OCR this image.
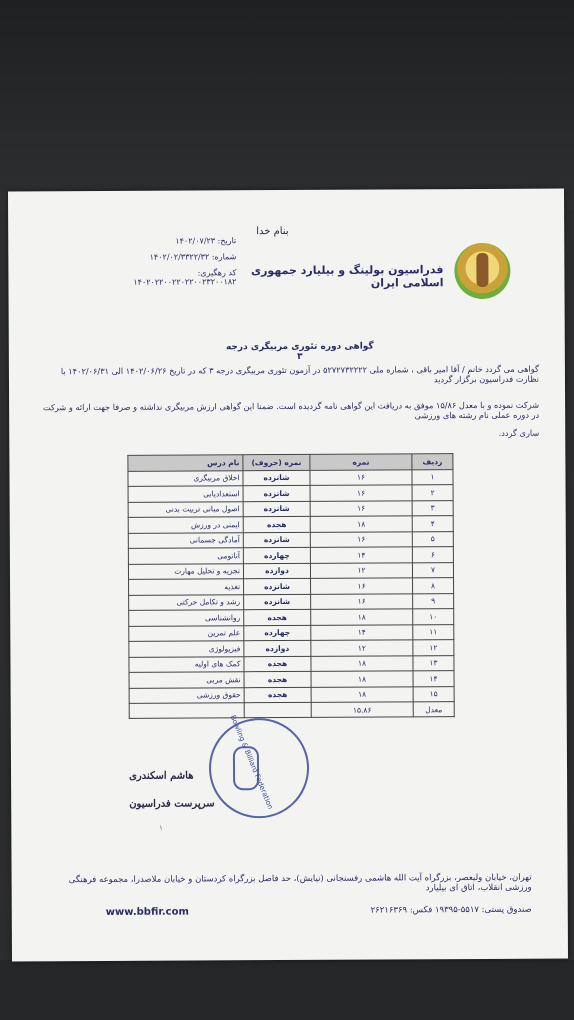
بنام خدا
فدراسیون بولینگ و بیلیارد جمهوری اسلامی ایران
تاریخ: ۱۴۰۲/۰۷/۲۳
شماره: ۱۴۰۲/۰۲/۳۳۲۲/۳۲
کد رهگیری: ۱۴۰۲۰۲۲۰۰۲۲۰۲۲۰۰۲۳۲۰۰۱۸۲
گواهی دوره تئوری مربیگری درجه ۳
گواهی می گردد خانم / آقا امیر باقی ، شماره ملی ۵۲۷۲۷۳۲۲۲۲ در آزمون تئوری مربیگری درجه ۳ که در تاریخ ۱۴۰۲/۰۶/۲۶ الی ۱۴۰۲/۰۶/۳۱ با نظارت فدراسیون برگزار گردید
شرکت نموده و با معدل ۱۵/۸۶ موفق به دریافت این گواهی نامه گردیده است. ضمنا این گواهی ارزش مربیگری نداشته و صرفا جهت ارائه و شرکت در دوره عملی نام رشته های ورزشی
ساری گردد.
ردیف	نمره	نمره (حروف)	نام درس
۱	۱۶	شانزده	اخلاق مربیگری
۲	۱۶	شانزده	استعدادیابی
۳	۱۶	شانزده	اصول مبانی تربیت بدنی
۴	۱۸	هجده	ایمنی در ورزش
۵	۱۶	شانزده	آمادگی جسمانی
۶	۱۴	چهارده	آناتومی
۷	۱۲	دوازده	تجزیه و تحلیل مهارت
۸	۱۶	شانزده	تغذیه
۹	۱۶	شانزده	رشد و تکامل حرکتی
۱۰	۱۸	هجده	روانشناسی
۱۱	۱۴	چهارده	علم تمرین
۱۲	۱۲	دوازده	فیزیولوژی
۱۳	۱۸	هجده	کمک های اولیه
۱۴	۱۸	هجده	نقش مربی
۱۵	۱۸	هجده	حقوق ورزشی
معدل	۱۵.۸۶		
Bowling & Billiard Federation
هاشم اسکندری
سرپرست فدراسیون
۱
تهران، خیابان ولیعصر، بزرگراه آیت الله هاشمی رفسنجانی (نیایش)، حد فاصل بزرگراه کردستان و خیابان ملاصدرا، مجموعه فرهنگی ورزشی انقلاب، اتاق ای بیلیارد
صندوق پستی: ۵۵۱۷-۱۹۳۹۵ فکس: ۲۶۲۱۶۳۶۹
www.bbfir.com
